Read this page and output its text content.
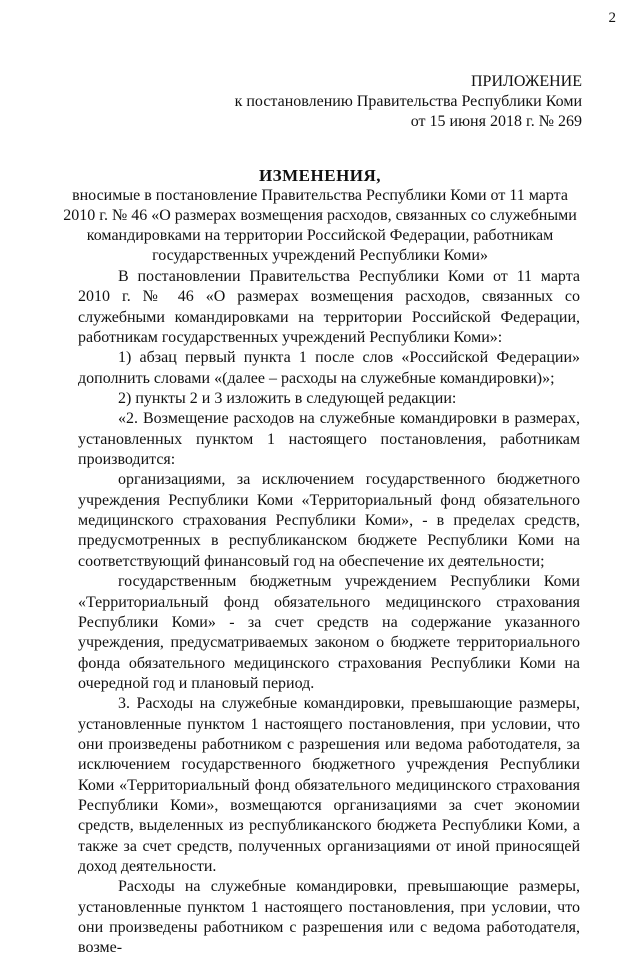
2
ПРИЛОЖЕНИЕ
к постановлению Правительства Республики Коми
от 15 июня 2018 г. № 269
ИЗМЕНЕНИЯ,
вносимые в постановление Правительства Республики Коми от 11 марта 2010 г. № 46 «О размерах возмещения расходов, связанных со служебными командировками на территории Российской Федерации, работникам государственных учреждений Республики Коми»

В постановлении Правительства Республики Коми от 11 марта 2010 г. № 46 «О размерах возмещения расходов, связанных со служебными командировками на территории Российской Федерации, работникам государственных учреждений Республики Коми»:

1) абзац первый пункта 1 после слов «Российской Федерации» дополнить словами «(далее – расходы на служебные командировки)»;

2) пункты 2 и 3 изложить в следующей редакции:

«2. Возмещение расходов на служебные командировки в размерах, установленных пунктом 1 настоящего постановления, работникам производится:

организациями, за исключением государственного бюджетного учреждения Республики Коми «Территориальный фонд обязательного медицинского страхования Республики Коми», - в пределах средств, предусмотренных в республиканском бюджете Республики Коми на соответствующий финансовый год на обеспечение их деятельности;

государственным бюджетным учреждением Республики Коми «Территориальный фонд обязательного медицинского страхования Республики Коми» - за счет средств на содержание указанного учреждения, предусматриваемых законом о бюджете территориального фонда обязательного медицинского страхования Республики Коми на очередной год и плановый период.

3. Расходы на служебные командировки, превышающие размеры, установленные пунктом 1 настоящего постановления, при условии, что они произведены работником с разрешения или ведома работодателя, за исключением государственного бюджетного учреждения Республики Коми «Территориальный фонд обязательного медицинского страхования Республики Коми», возмещаются организациями за счет экономии средств, выделенных из республиканского бюджета Республики Коми, а также за счет средств, полученных организациями от иной приносящей доход деятельности.

Расходы на служебные командировки, превышающие размеры, установленные пунктом 1 настоящего постановления, при условии, что они произведены работником с разрешения или с ведома работодателя, возме-
